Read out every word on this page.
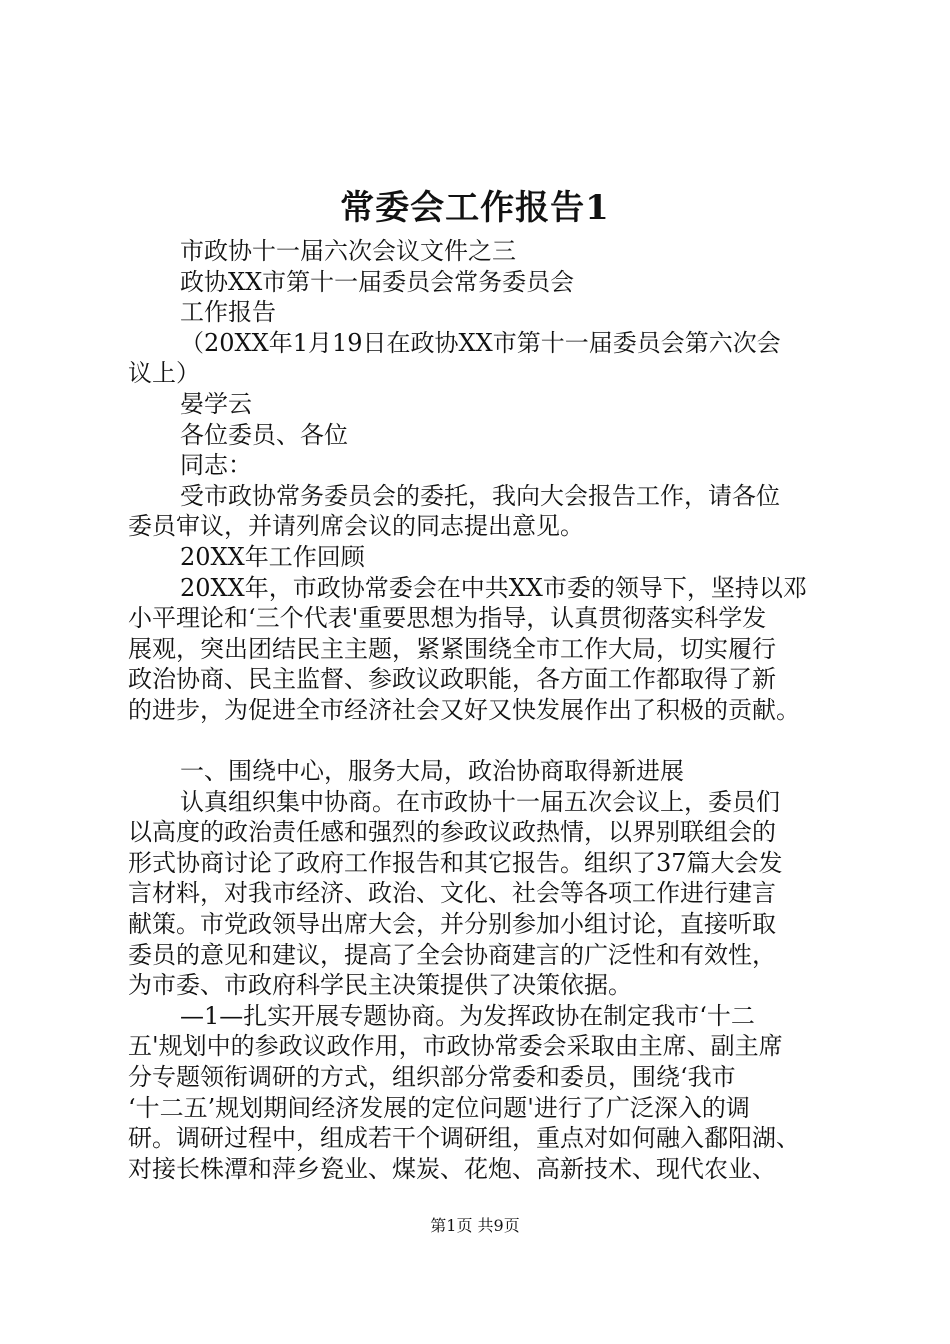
常委会工作报告1
市政协十一届六次会议文件之三
政协XX市第十一届委员会常务委员会
工作报告
（20XX年1月19日在政协XX市第十一届委员会第六次会
议上）
晏学云
各位委员、各位
同志：
受市政协常务委员会的委托，我向大会报告工作，请各位
委员审议，并请列席会议的同志提出意见。
20XX年工作回顾
20XX年，市政协常委会在中共XX市委的领导下，坚持以邓
小平理论和‘三个代表'重要思想为指导，认真贯彻落实科学发
展观，突出团结民主主题，紧紧围绕全市工作大局，切实履行
政治协商、民主监督、参政议政职能，各方面工作都取得了新
的进步，为促进全市经济社会又好又快发展作出了积极的贡献。
一、围绕中心，服务大局，政治协商取得新进展
认真组织集中协商。在市政协十一届五次会议上，委员们
以高度的政治责任感和强烈的参政议政热情，以界别联组会的
形式协商讨论了政府工作报告和其它报告。组织了37篇大会发
言材料，对我市经济、政治、文化、社会等各项工作进行建言
献策。市党政领导出席大会，并分别参加小组讨论，直接听取
委员的意见和建议，提高了全会协商建言的广泛性和有效性，
为市委、市政府科学民主决策提供了决策依据。
—1—扎实开展专题协商。为发挥政协在制定我市‘十二
五'规划中的参政议政作用，市政协常委会采取由主席、副主席
分专题领衔调研的方式，组织部分常委和委员，围绕‘我市
‘十二五’规划期间经济发展的定位问题'进行了广泛深入的调
研。调研过程中，组成若干个调研组，重点对如何融入鄱阳湖、
对接长株潭和萍乡瓷业、煤炭、花炮、高新技术、现代农业、
第1页 共9页
